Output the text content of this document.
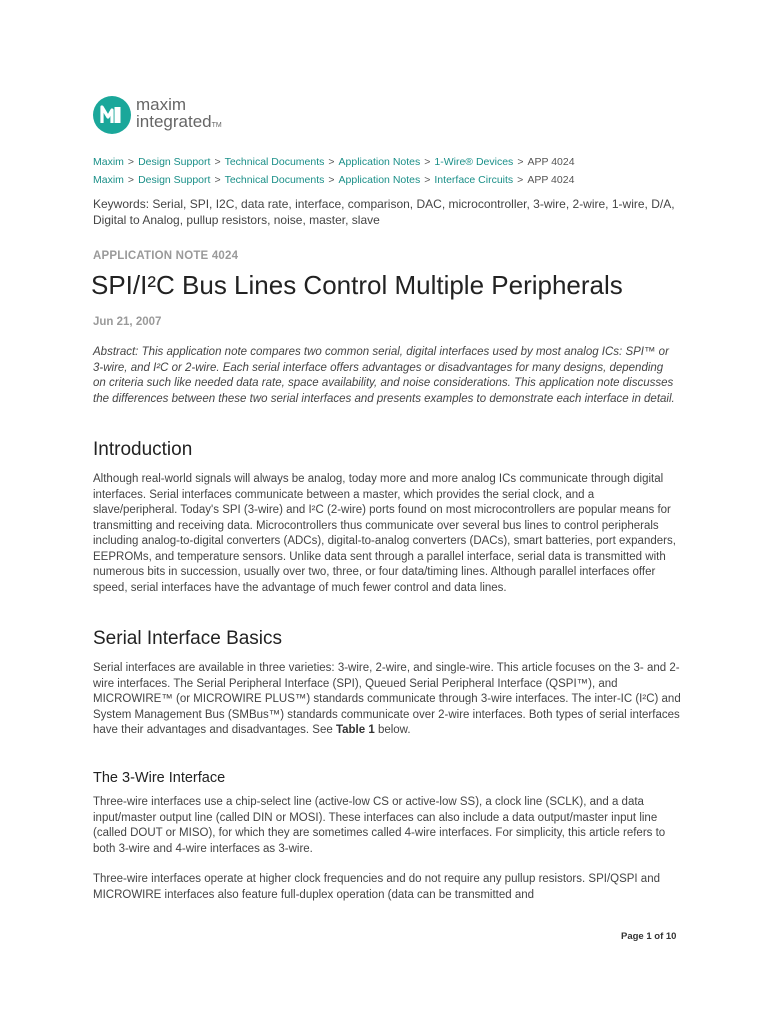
maxim
integratedTM
Maxim > Design Support > Technical Documents > Application Notes > 1-Wire® Devices > APP 4024
Maxim > Design Support > Technical Documents > Application Notes > Interface Circuits > APP 4024
Keywords: Serial, SPI, I2C, data rate, interface, comparison, DAC, microcontroller, 3-wire, 2-wire, 1-wire, D/A, Digital to Analog, pullup resistors, noise, master, slave
APPLICATION NOTE 4024
SPI/I²C Bus Lines Control Multiple Peripherals
Jun 21, 2007
Abstract: This application note compares two common serial, digital interfaces used by most analog ICs: SPI™ or 3-wire, and I²C or 2-wire. Each serial interface offers advantages or disadvantages for many designs, depending on criteria such like needed data rate, space availability, and noise considerations. This application note discusses the differences between these two serial interfaces and presents examples to demonstrate each interface in detail.
Introduction
Although real-world signals will always be analog, today more and more analog ICs communicate through digital interfaces. Serial interfaces communicate between a master, which provides the serial clock, and a slave/peripheral. Today's SPI (3-wire) and I²C (2-wire) ports found on most microcontrollers are popular means for transmitting and receiving data. Microcontrollers thus communicate over several bus lines to control peripherals including analog-to-digital converters (ADCs), digital-to-analog converters (DACs), smart batteries, port expanders, EEPROMs, and temperature sensors. Unlike data sent through a parallel interface, serial data is transmitted with numerous bits in succession, usually over two, three, or four data/timing lines. Although parallel interfaces offer speed, serial interfaces have the advantage of much fewer control and data lines.
Serial Interface Basics
Serial interfaces are available in three varieties: 3-wire, 2-wire, and single-wire. This article focuses on the 3- and 2-wire interfaces. The Serial Peripheral Interface (SPI), Queued Serial Peripheral Interface (QSPI™), and MICROWIRE™ (or MICROWIRE PLUS™) standards communicate through 3-wire interfaces. The inter-IC (I²C) and System Management Bus (SMBus™) standards communicate over 2-wire interfaces. Both types of serial interfaces have their advantages and disadvantages. See Table 1 below.
The 3-Wire Interface
Three-wire interfaces use a chip-select line (active-low CS or active-low SS), a clock line (SCLK), and a data input/master output line (called DIN or MOSI). These interfaces can also include a data output/master input line (called DOUT or MISO), for which they are sometimes called 4-wire interfaces. For simplicity, this article refers to both 3-wire and 4-wire interfaces as 3-wire.
Three-wire interfaces operate at higher clock frequencies and do not require any pullup resistors. SPI/QSPI and MICROWIRE interfaces also feature full-duplex operation (data can be transmitted and
Page 1 of 10
